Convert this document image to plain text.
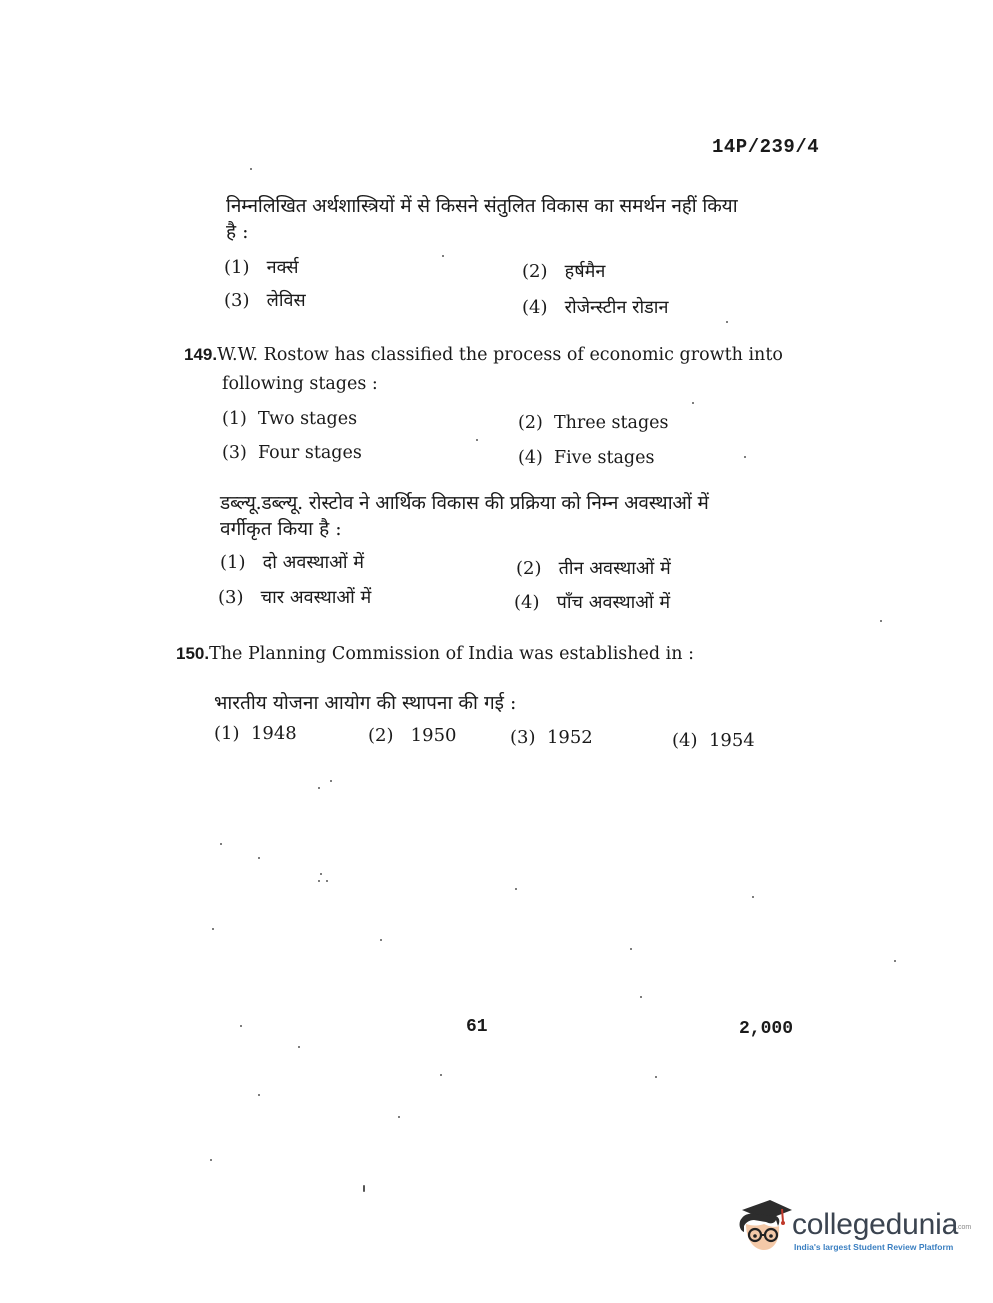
14P/239/4
निम्नलिखित अर्थशास्त्रियों में से किसने संतुलित विकास का समर्थन नहीं किया
है :
(1) नर्क्स	(2) हर्षमैन
(3) लेविस	(4) रोजेन्स्टीन रोडान
149.W.W. Rostow has classified the process of economic growth into
following stages :
(1) Two stages	(2) Three stages
(3) Four stages	(4) Five stages
डब्ल्यू.डब्ल्यू. रोस्टोव ने आर्थिक विकास की प्रक्रिया को निम्न अवस्थाओं में
वर्गीकृत किया है :
(1) दो अवस्थाओं में	(2) तीन अवस्थाओं में
(3) चार अवस्थाओं में	(4) पाँच अवस्थाओं में
150.The Planning Commission of India was established in :
भारतीय योजना आयोग की स्थापना की गई :
(1) 1948	(2) 1950	(3) 1952	(4) 1954
61	2,000
collegedunia
.com
India's largest Student Review Platform
